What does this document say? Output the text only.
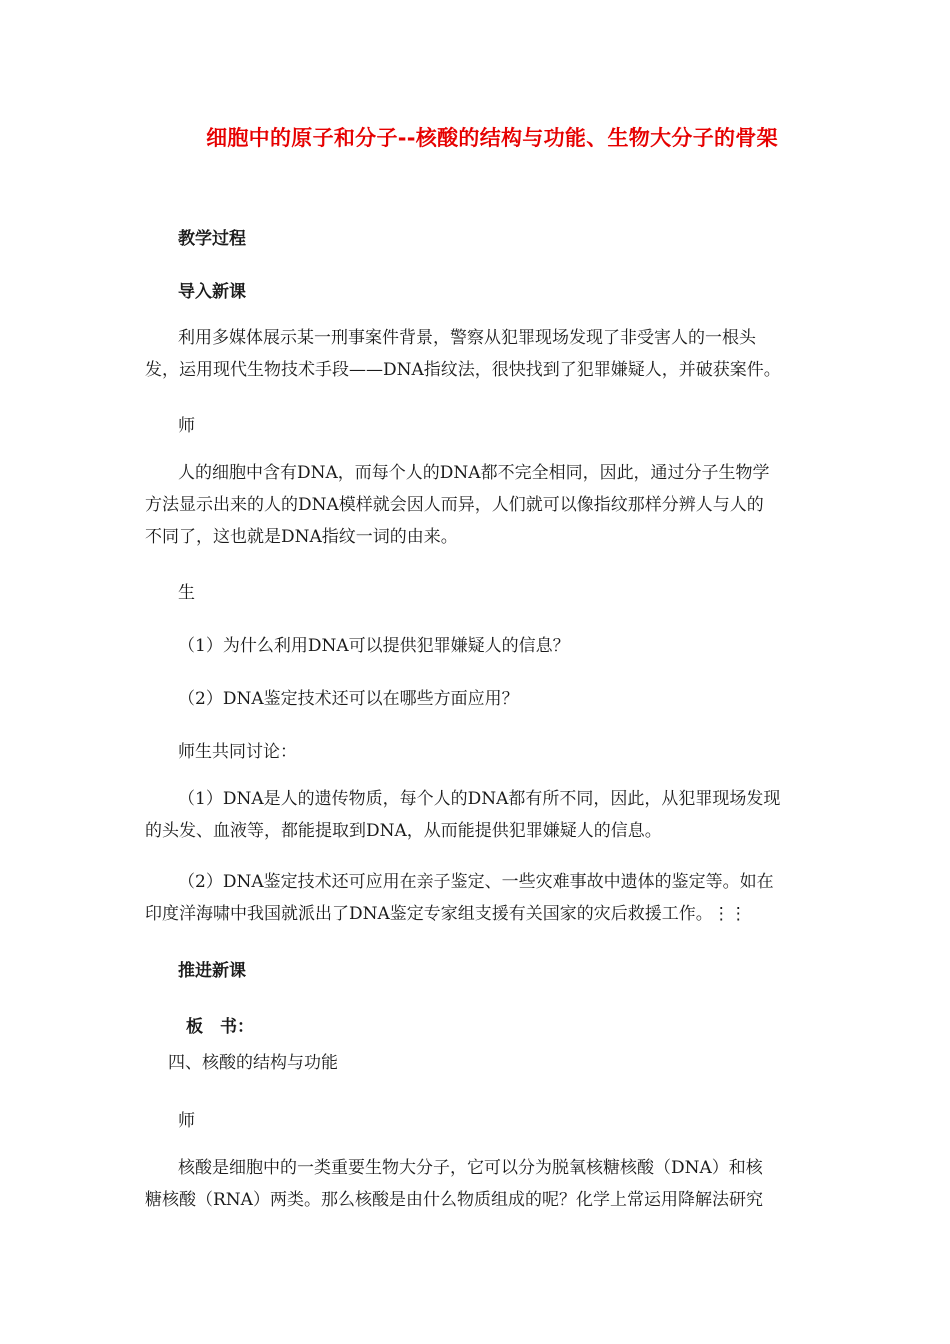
细胞中的原子和分子--核酸的结构与功能、生物大分子的骨架
教学过程
导入新课
利用多媒体展示某一刑事案件背景，警察从犯罪现场发现了非受害人的一根头
发，运用现代生物技术手段——DNA指纹法，很快找到了犯罪嫌疑人，并破获案件。
师
人的细胞中含有DNA，而每个人的DNA都不完全相同，因此，通过分子生物学
方法显示出来的人的DNA模样就会因人而异，人们就可以像指纹那样分辨人与人的
不同了，这也就是DNA指纹一词的由来。
生
（1）为什么利用DNA可以提供犯罪嫌疑人的信息？
（2）DNA鉴定技术还可以在哪些方面应用？
师生共同讨论：
（1）DNA是人的遗传物质，每个人的DNA都有所不同，因此，从犯罪现场发现
的头发、血液等，都能提取到DNA，从而能提供犯罪嫌疑人的信息。
（2）DNA鉴定技术还可应用在亲子鉴定、一些灾难事故中遗体的鉴定等。如在
印度洋海啸中我国就派出了DNA鉴定专家组支援有关国家的灾后救援工作。⋮⋮
推进新课
板　书：
四、核酸的结构与功能
师
核酸是细胞中的一类重要生物大分子，它可以分为脱氧核糖核酸（DNA）和核
糖核酸（RNA）两类。那么核酸是由什么物质组成的呢？化学上常运用降解法研究
